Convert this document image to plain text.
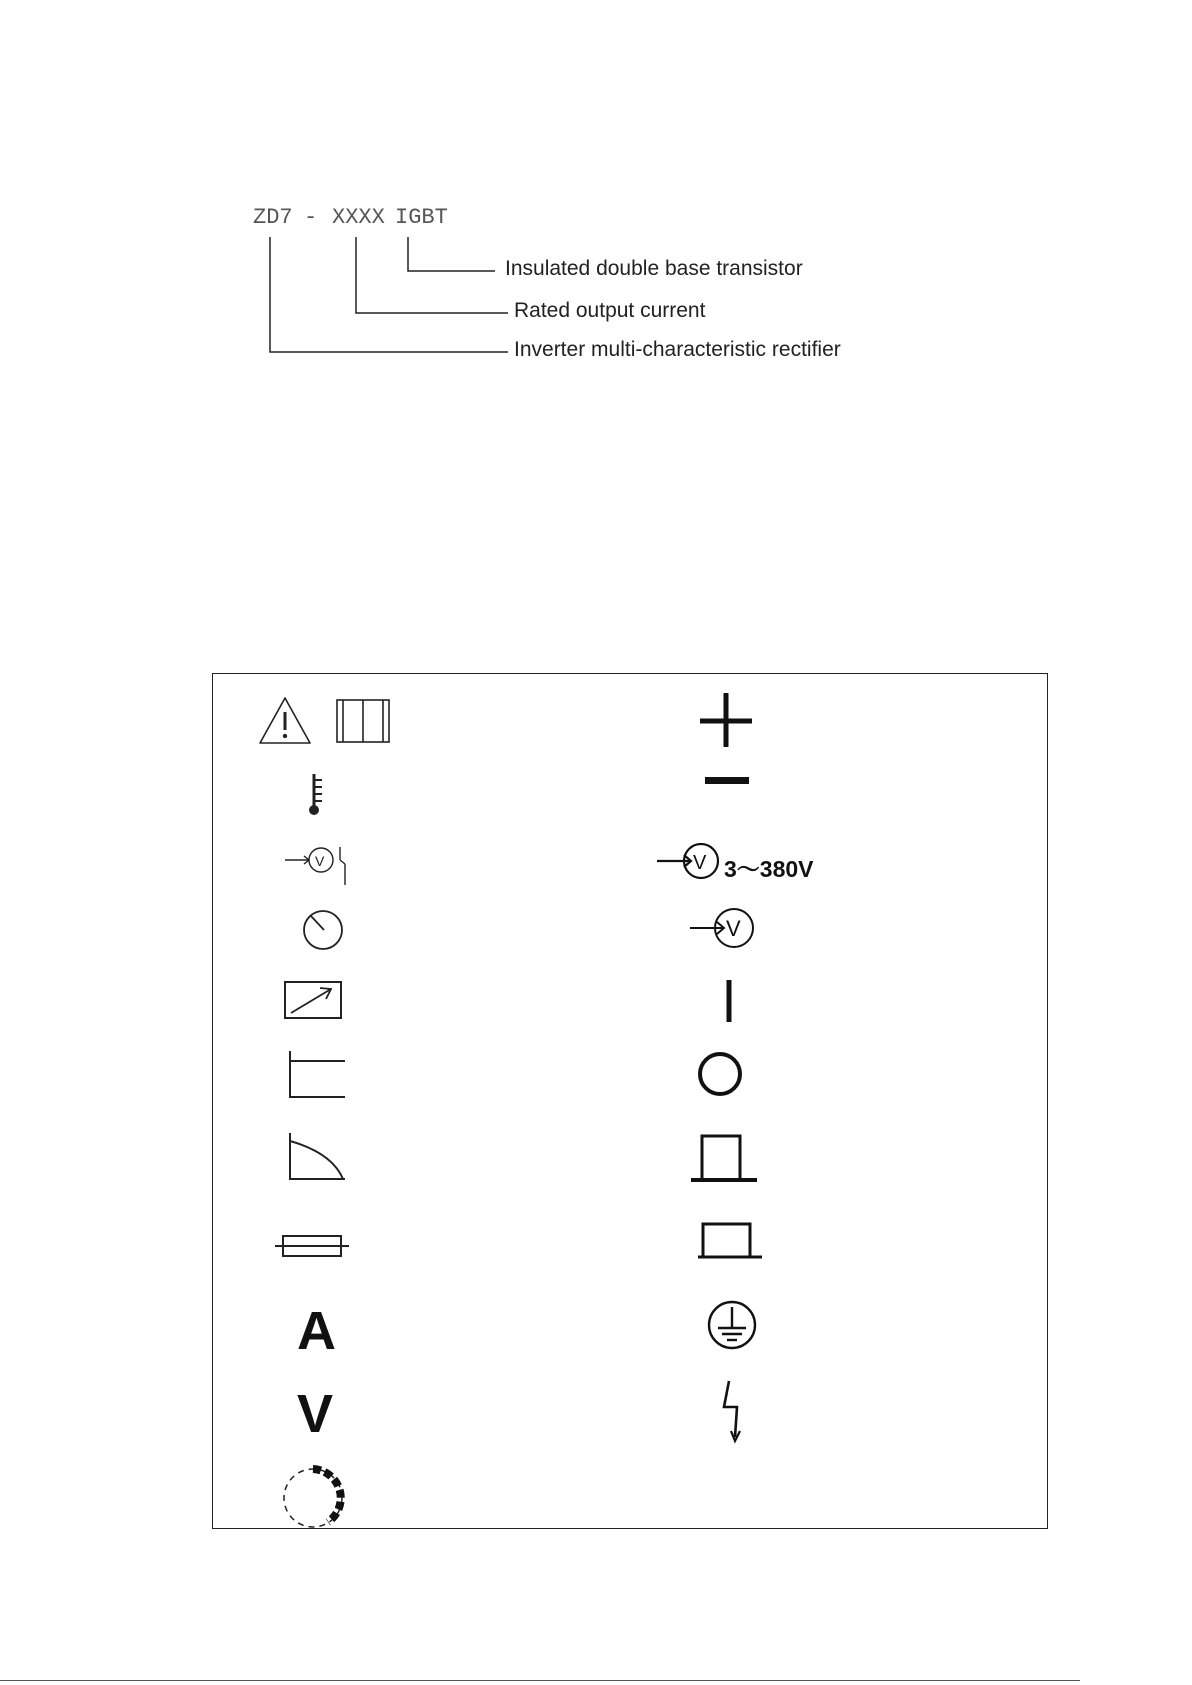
ZD7 - XXXX IGBT
Insulated double base transistor
Rated output current
Inverter multi-characteristic rectifier
V
A
V
V 3～380V
V
